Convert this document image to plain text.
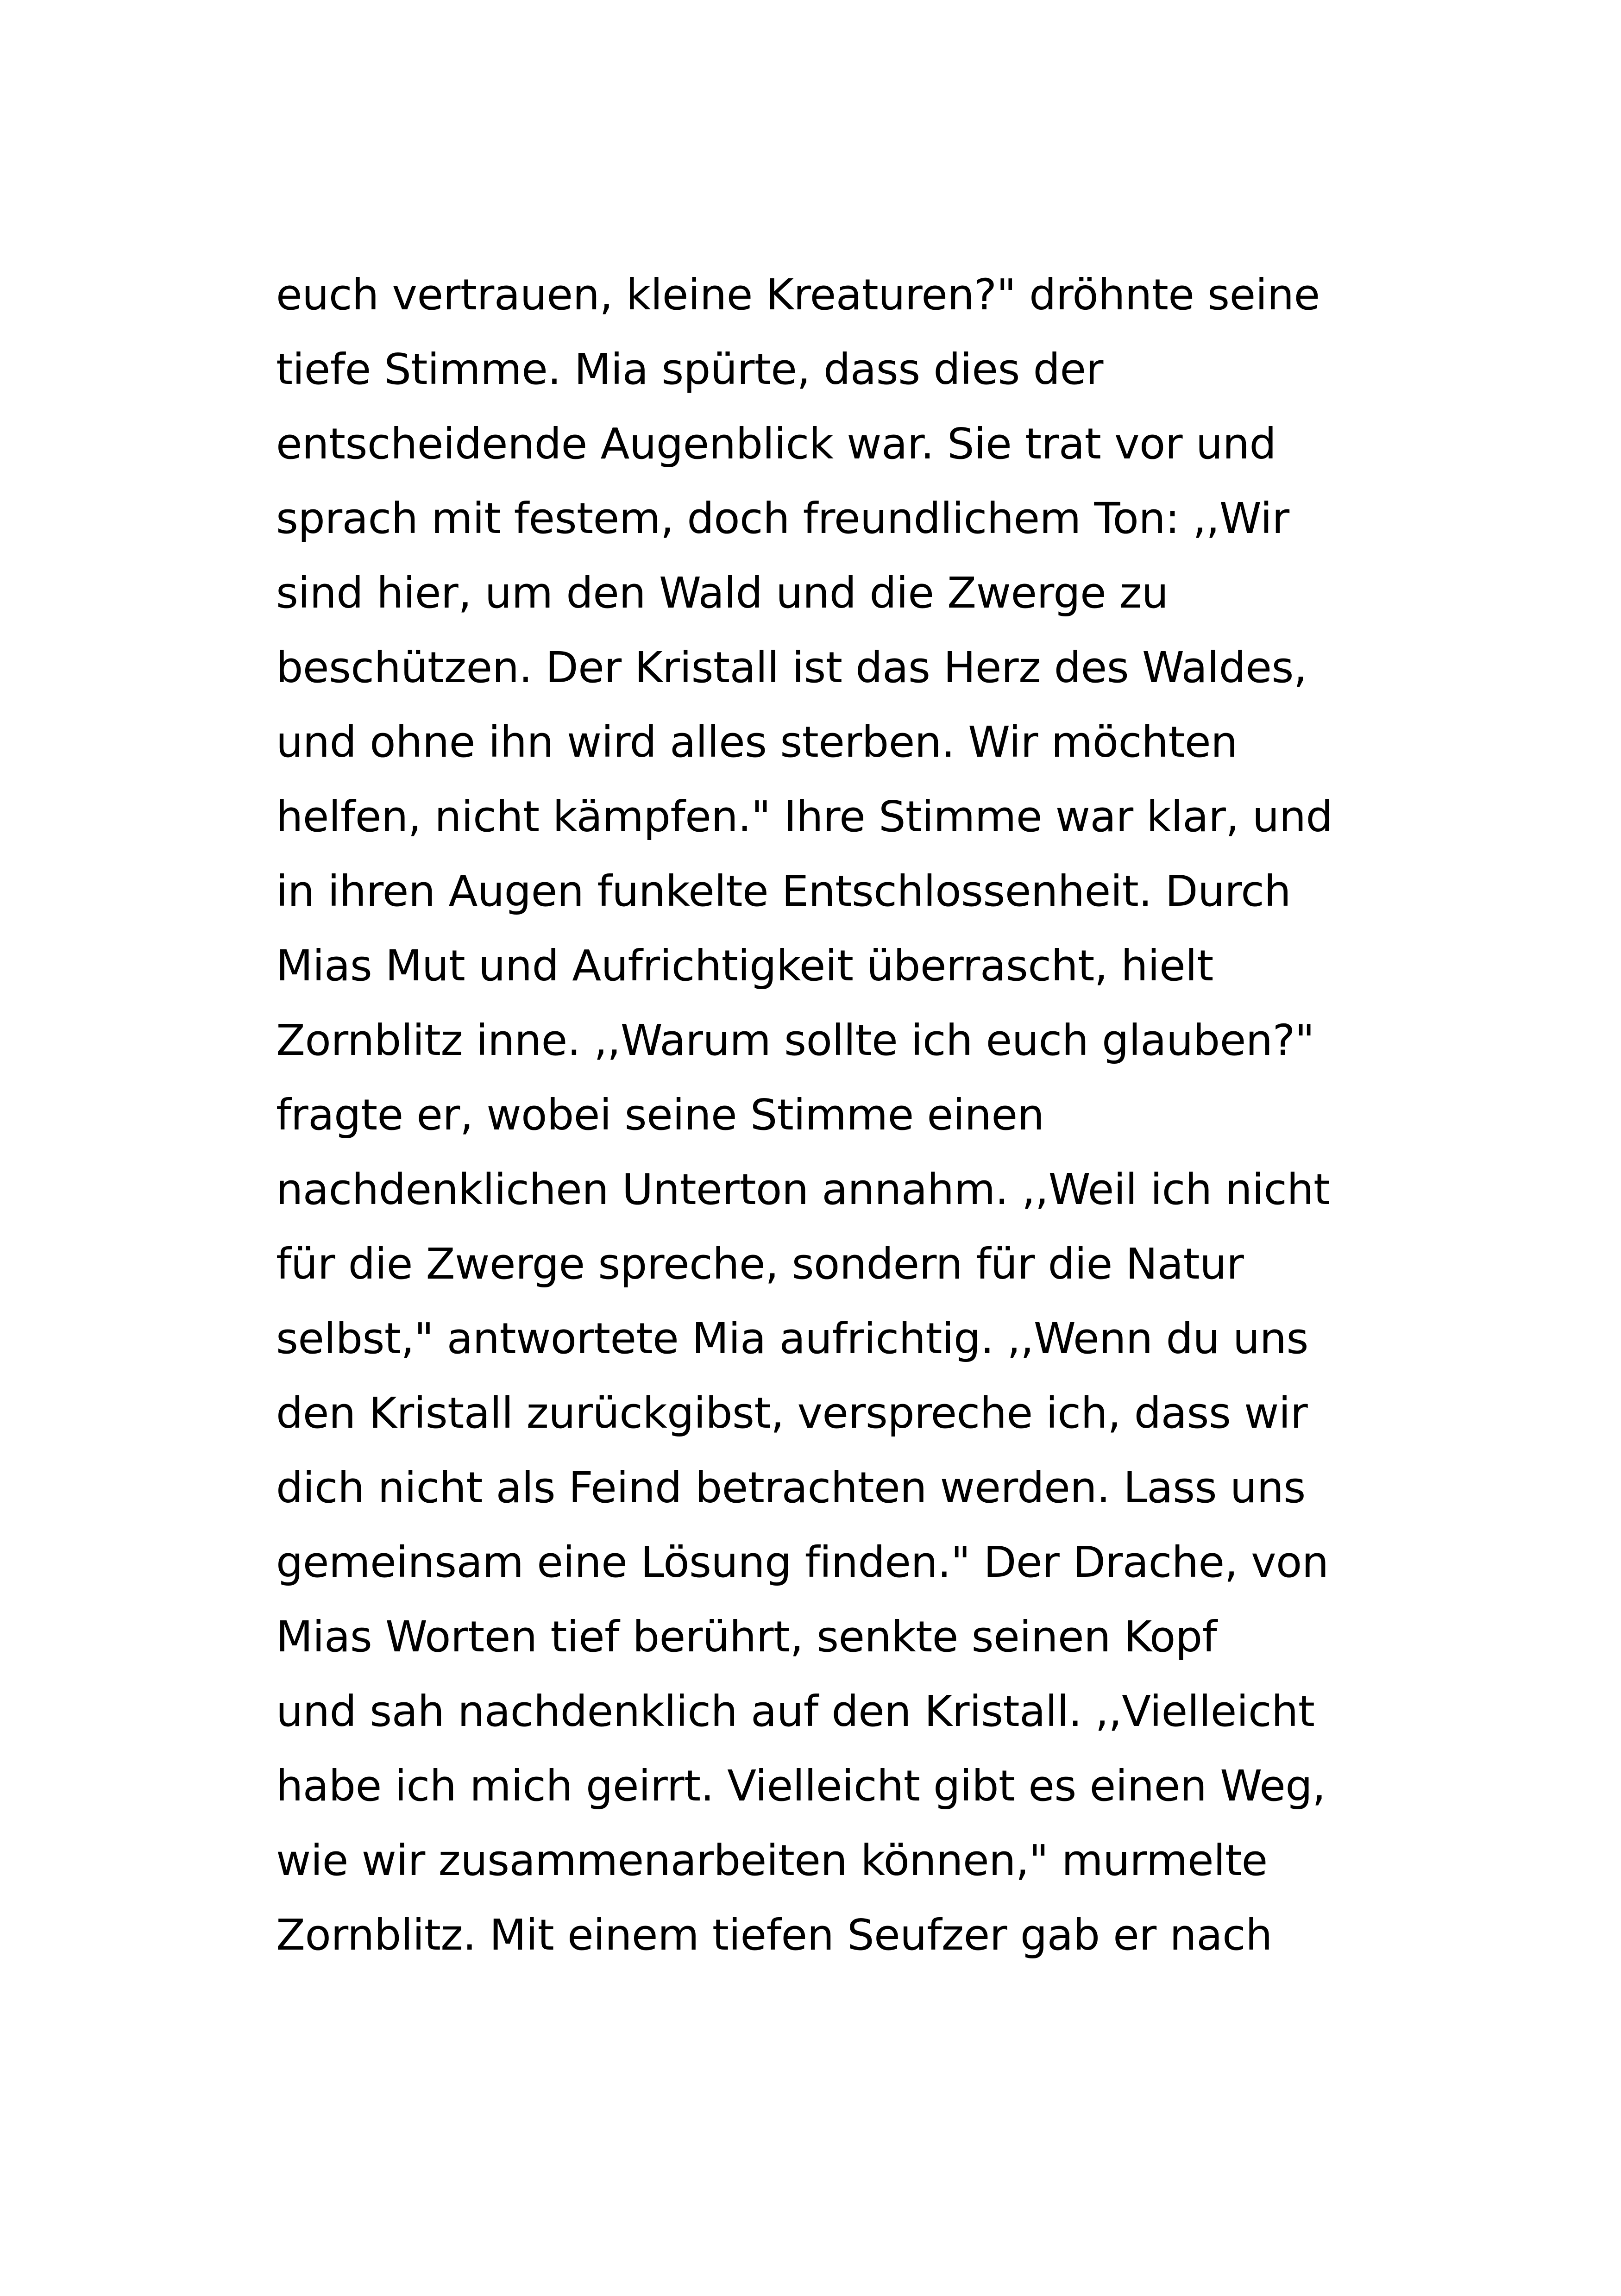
euch vertrauen, kleine Kreaturen?" dröhnte seine
tiefe Stimme. Mia spürte, dass dies der
entscheidende Augenblick war. Sie trat vor und
sprach mit festem, doch freundlichem Ton: ,,Wir
sind hier, um den Wald und die Zwerge zu
beschützen. Der Kristall ist das Herz des Waldes,
und ohne ihn wird alles sterben. Wir möchten
helfen, nicht kämpfen." Ihre Stimme war klar, und
in ihren Augen funkelte Entschlossenheit. Durch
Mias Mut und Aufrichtigkeit überrascht, hielt
Zornblitz inne. ,,Warum sollte ich euch glauben?"
fragte er, wobei seine Stimme einen
nachdenklichen Unterton annahm. ,,Weil ich nicht
für die Zwerge spreche, sondern für die Natur
selbst," antwortete Mia aufrichtig. ,,Wenn du uns
den Kristall zurückgibst, verspreche ich, dass wir
dich nicht als Feind betrachten werden. Lass uns
gemeinsam eine Lösung finden." Der Drache, von
Mias Worten tief berührt, senkte seinen Kopf
und sah nachdenklich auf den Kristall. ,,Vielleicht
habe ich mich geirrt. Vielleicht gibt es einen Weg,
wie wir zusammenarbeiten können," murmelte
Zornblitz. Mit einem tiefen Seufzer gab er nach
